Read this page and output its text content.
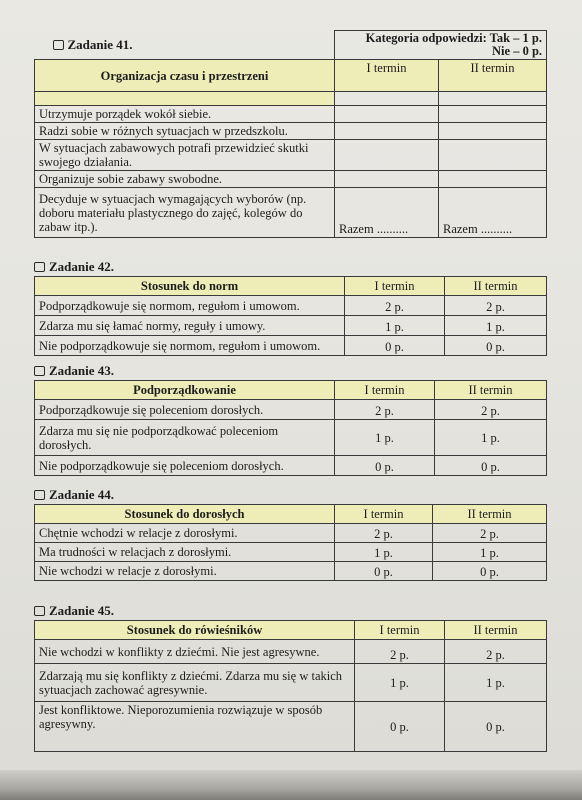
Zadanie 41.	Kategoria odpowiedzi: Tak – 1 p.
Nie – 0 p.	

Organizacja czasu i przestrzeni	I termin	II termin

Utrzymuje porządek wokół siebie.		
Radzi sobie w różnych sytuacjach w przedszkolu.		
W sytuacjach zabawowych potrafi przewidzieć skutki swojego działania.		
Organizuje sobie zabawy swobodne.		
Decyduje w sytuacjach wymagających wyborów (np. doboru materiału plastycznego do zajęć, kolegów do zabaw itp.).	Razem ..........	Razem ..........
Zadanie 42.
Stosunek do norm	I termin	II termin
Podporządkowuje się normom, regułom i umowom.	2 p.	2 p.
Zdarza mu się łamać normy, reguły i umowy.	1 p.	1 p.
Nie podporządkowuje się normom, regułom i umowom.	0 p.	0 p.
Zadanie 43.
Podporządkowanie	I termin	II termin
Podporządkowuje się poleceniom dorosłych.	2 p.	2 p.
Zdarza mu się nie podporządkować poleceniom dorosłych.	1 p.	1 p.
Nie podporządkowuje się poleceniom dorosłych.	0 p.	0 p.
Zadanie 44.
Stosunek do dorosłych	I termin	II termin
Chętnie wchodzi w relacje z dorosłymi.	2 p.	2 p.
Ma trudności w relacjach z dorosłymi.	1 p.	1 p.
Nie wchodzi w relacje z dorosłymi.	0 p.	0 p.
Zadanie 45.
Stosunek do rówieśników	I termin	II termin
Nie wchodzi w konflikty z dziećmi. Nie jest agresywne.	2 p.	2 p.
Zdarzają mu się konflikty z dziećmi. Zdarza mu się w takich sytuacjach zachować agresywnie.	1 p.	1 p.
Jest konfliktowe. Nieporozumienia rozwiązuje w sposób agresywny.	0 p.	0 p.
